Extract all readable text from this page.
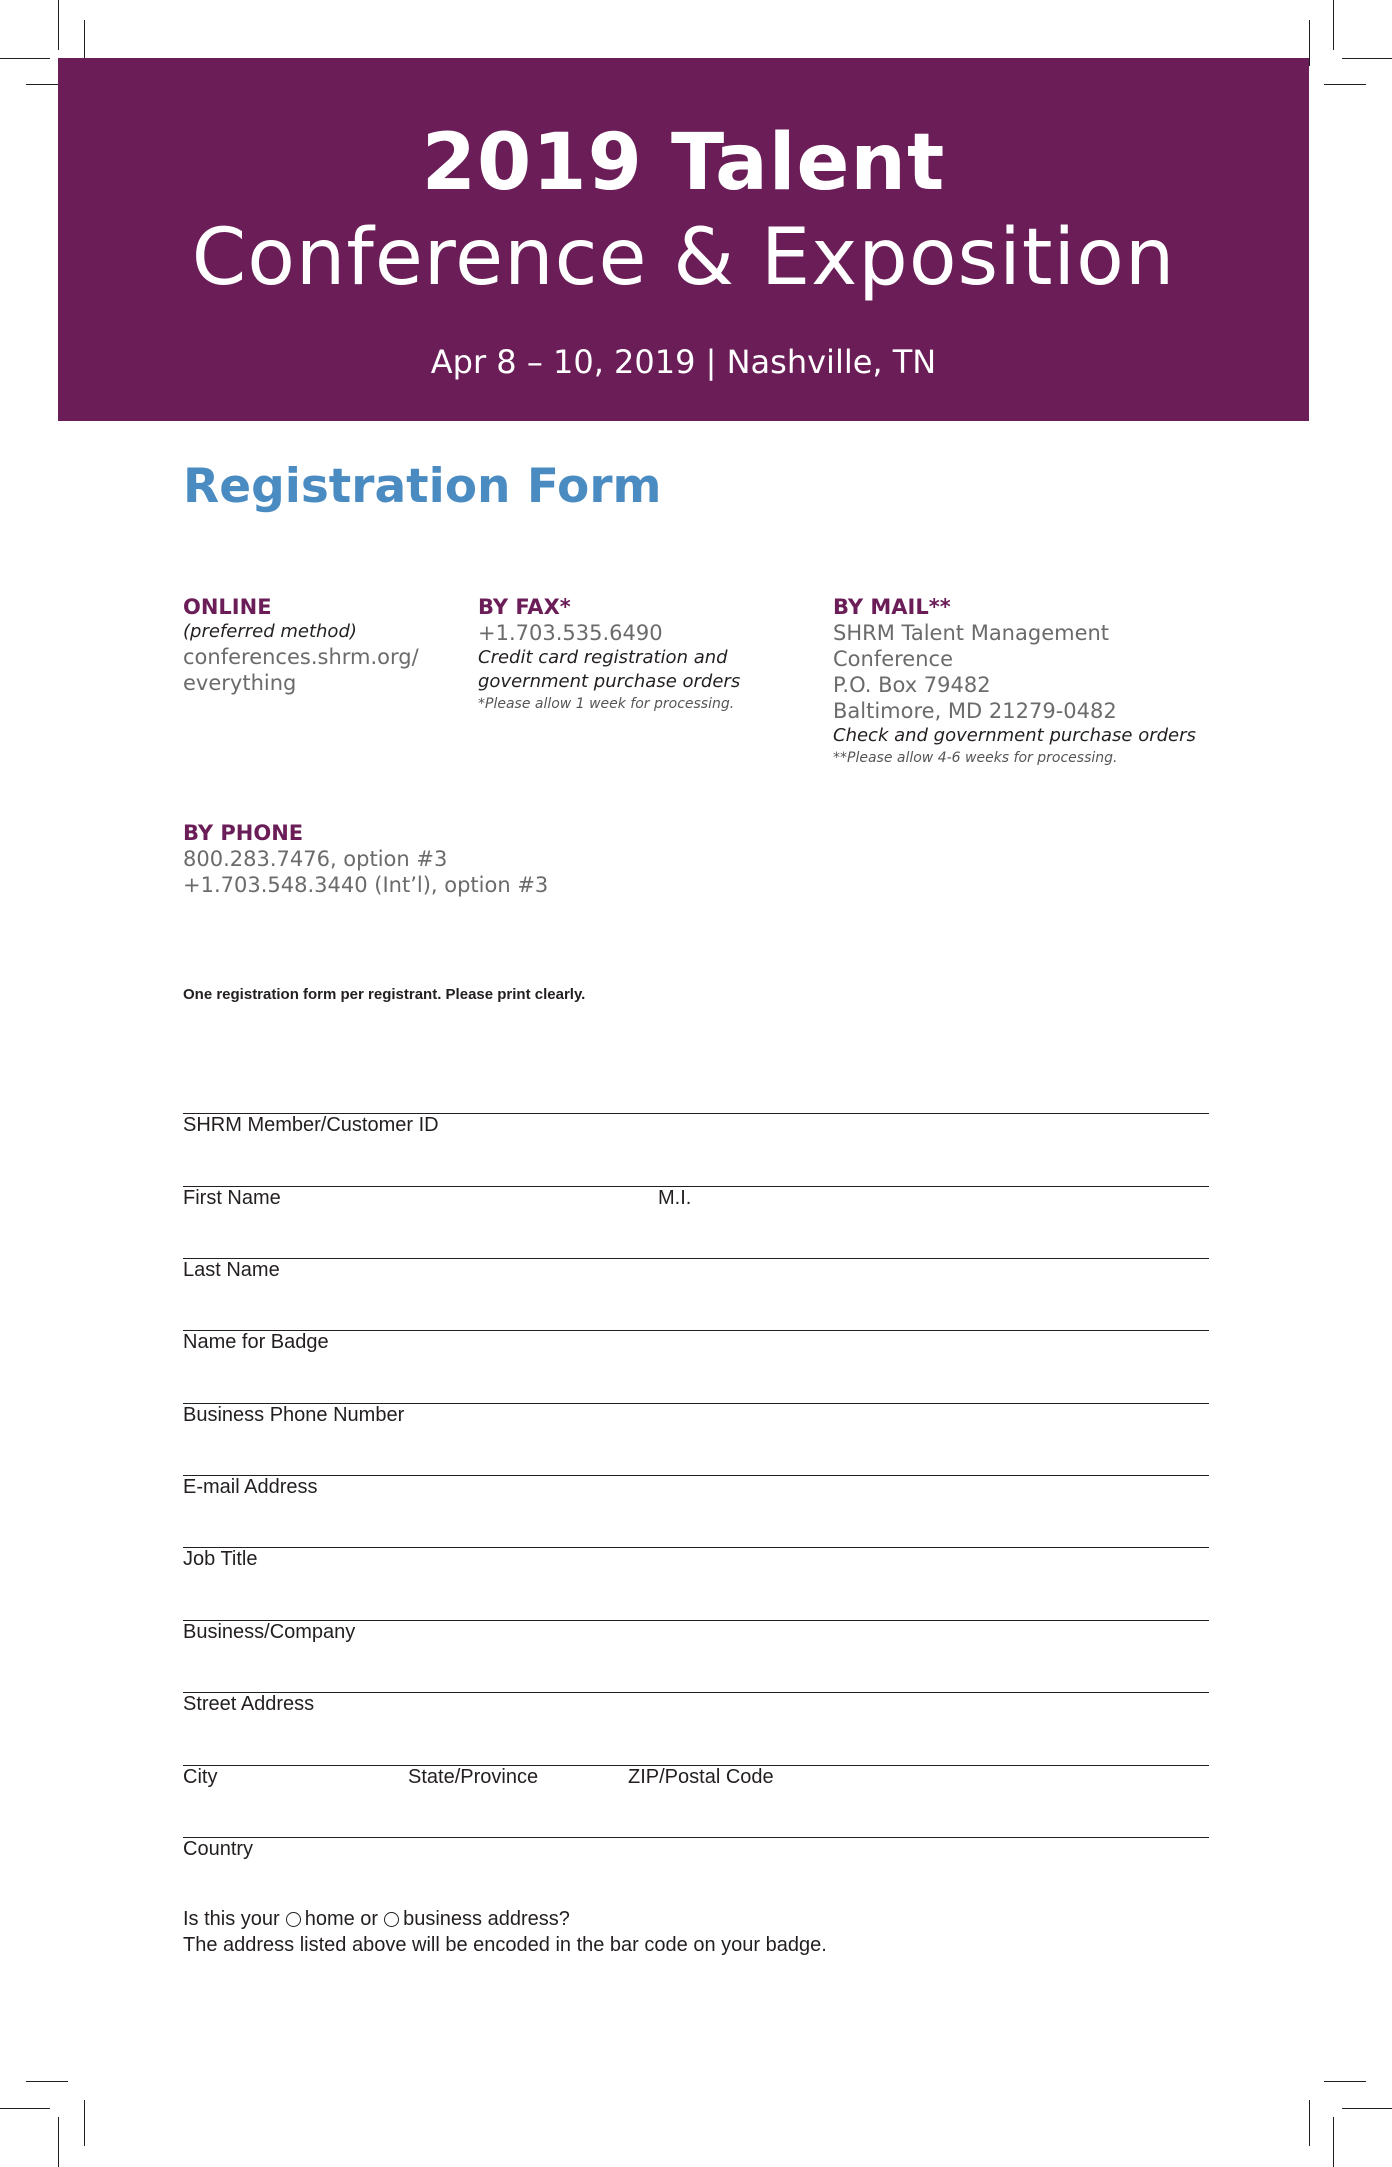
2019 Talent
Conference & Exposition
Apr 8 – 10, 2019 | Nashville, TN
Registration Form
ONLINE
(preferred method)
conferences.shrm.org/
everything
BY FAX*
+1.703.535.6490
Credit card registration and
government purchase orders
*Please allow 1 week for processing.
BY MAIL**
SHRM Talent Management
Conference
P.O. Box 79482
Baltimore, MD 21279-0482
Check and government purchase orders
**Please allow 4-6 weeks for processing.
BY PHONE
800.283.7476, option #3
+1.703.548.3440 (Int’l), option #3
One registration form per registrant. Please print clearly.
SHRM Member/Customer ID
First Name	M.I.
Last Name
Name for Badge
Business Phone Number
E-mail Address
Job Title
Business/Company
Street Address
City	State/Province	ZIP/Postal Code
Country
Is this your home or business address?
The address listed above will be encoded in the bar code on your badge.
